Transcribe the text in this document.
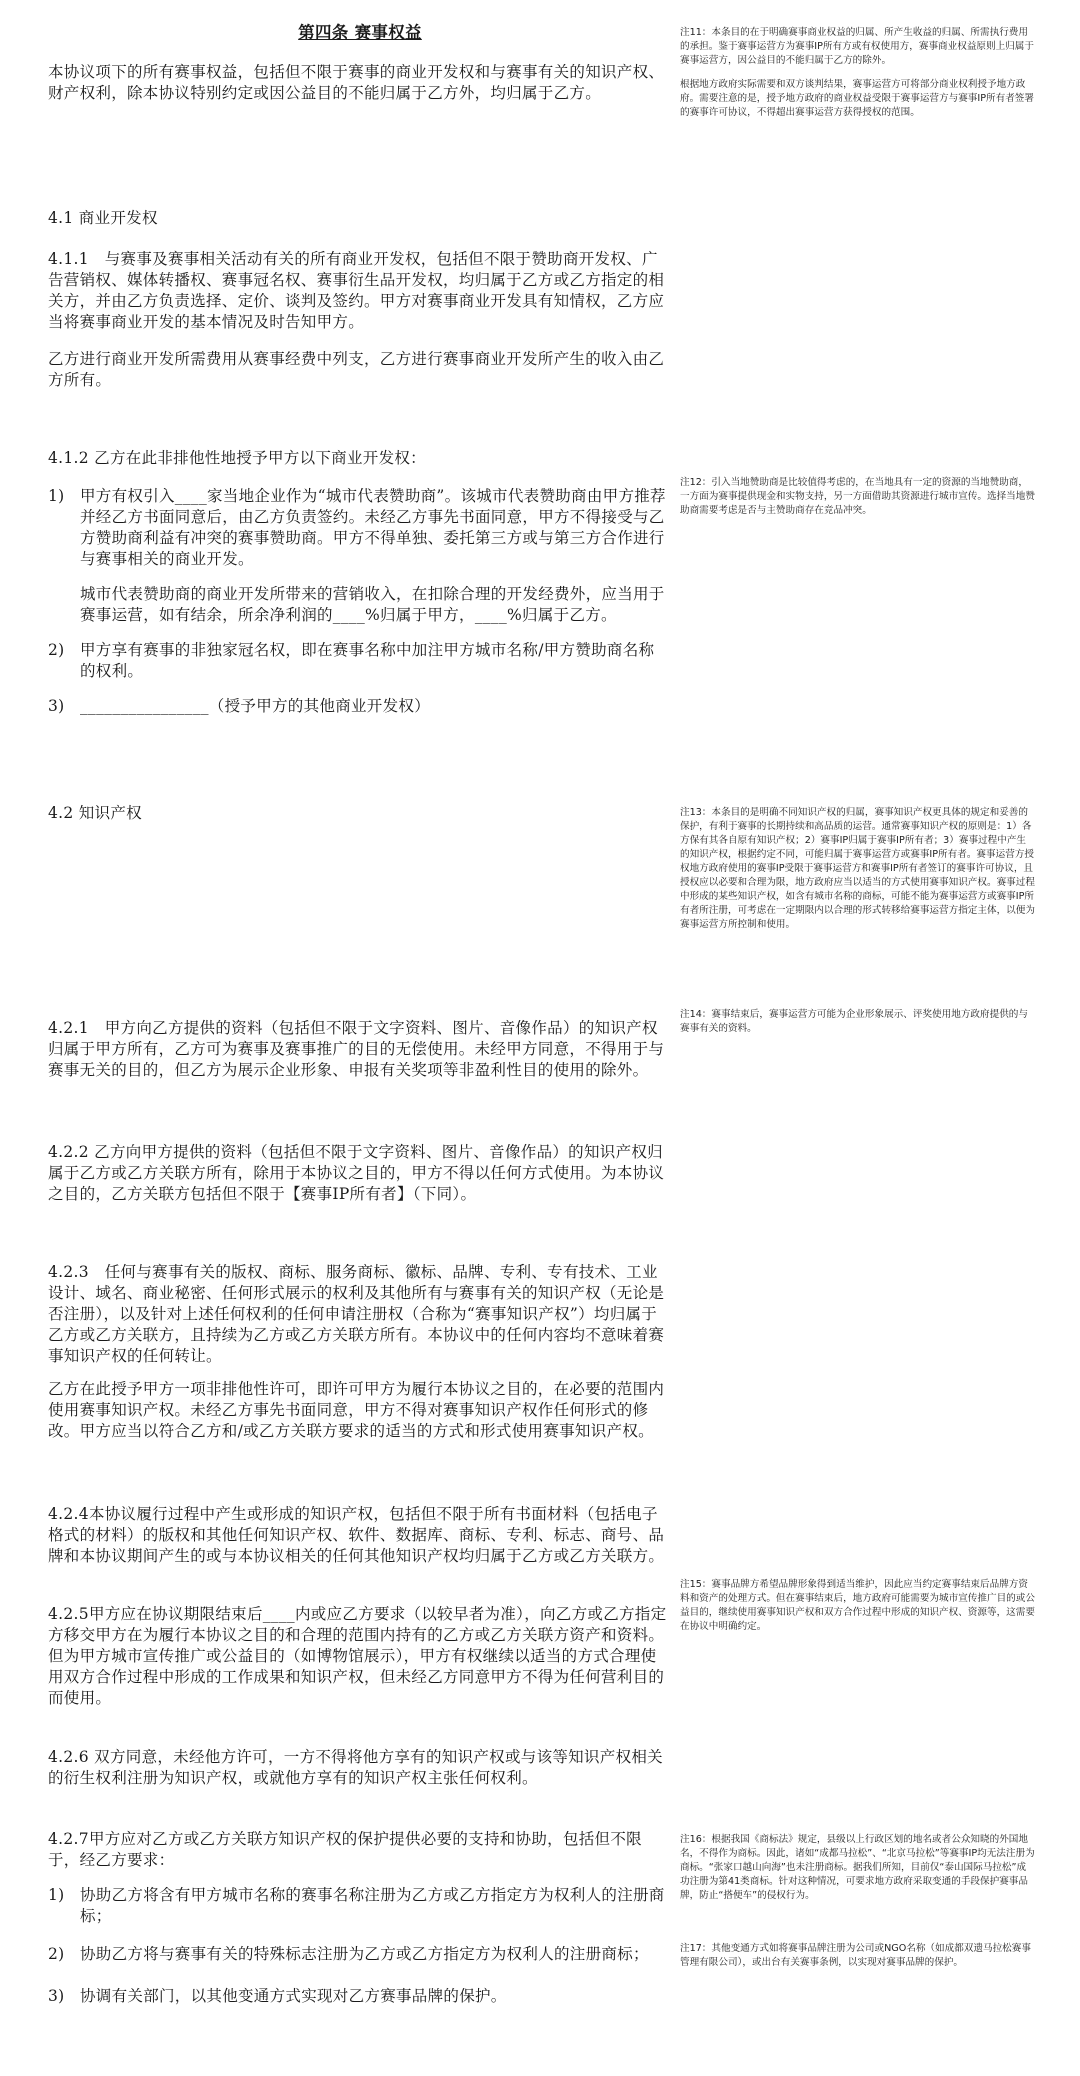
第四条 赛事权益
本协议项下的所有赛事权益，包括但不限于赛事的商业开发权和与赛事有关的知识产权、财产权利，除本协议特别约定或因公益目的不能归属于乙方外，均归属于乙方。
4.1 商业开发权
4.1.1　与赛事及赛事相关活动有关的所有商业开发权，包括但不限于赞助商开发权、广告营销权、媒体转播权、赛事冠名权、赛事衍生品开发权，均归属于乙方或乙方指定的相关方，并由乙方负责选择、定价、谈判及签约。甲方对赛事商业开发具有知情权，乙方应当将赛事商业开发的基本情况及时告知甲方。
乙方进行商业开发所需费用从赛事经费中列支，乙方进行赛事商业开发所产生的收入由乙方所有。
4.1.2 乙方在此非排他性地授予甲方以下商业开发权：
1) 甲方有权引入____家当地企业作为“城市代表赞助商”。该城市代表赞助商由甲方推荐并经乙方书面同意后，由乙方负责签约。未经乙方事先书面同意，甲方不得接受与乙方赞助商利益有冲突的赛事赞助商。甲方不得单独、委托第三方或与第三方合作进行与赛事相关的商业开发。

城市代表赞助商的商业开发所带来的营销收入，在扣除合理的开发经费外，应当用于赛事运营，如有结余，所余净利润的____%归属于甲方，____%归属于乙方。

2) 甲方享有赛事的非独家冠名权，即在赛事名称中加注甲方城市名称/甲方赞助商名称的权利。

3) ________________（授予甲方的其他商业开发权）

4.2 知识产权
4.2.1　甲方向乙方提供的资料（包括但不限于文字资料、图片、音像作品）的知识产权归属于甲方所有，乙方可为赛事及赛事推广的目的无偿使用。未经甲方同意，不得用于与赛事无关的目的，但乙方为展示企业形象、申报有关奖项等非盈利性目的使用的除外。
4.2.2 乙方向甲方提供的资料（包括但不限于文字资料、图片、音像作品）的知识产权归属于乙方或乙方关联方所有，除用于本协议之目的，甲方不得以任何方式使用。为本协议之目的，乙方关联方包括但不限于【赛事IP所有者】（下同）。
4.2.3　任何与赛事有关的版权、商标、服务商标、徽标、品牌、专利、专有技术、工业设计、域名、商业秘密、任何形式展示的权利及其他所有与赛事有关的知识产权（无论是否注册），以及针对上述任何权利的任何申请注册权（合称为“赛事知识产权”）均归属于乙方或乙方关联方，且持续为乙方或乙方关联方所有。本协议中的任何内容均不意味着赛事知识产权的任何转让。
乙方在此授予甲方一项非排他性许可，即许可甲方为履行本协议之目的，在必要的范围内使用赛事知识产权。未经乙方事先书面同意，甲方不得对赛事知识产权作任何形式的修改。甲方应当以符合乙方和/或乙方关联方要求的适当的方式和形式使用赛事知识产权。
4.2.4本协议履行过程中产生或形成的知识产权，包括但不限于所有书面材料（包括电子格式的材料）的版权和其他任何知识产权、软件、数据库、商标、专利、标志、商号、品牌和本协议期间产生的或与本协议相关的任何其他知识产权均归属于乙方或乙方关联方。
4.2.5甲方应在协议期限结束后____内或应乙方要求（以较早者为准），向乙方或乙方指定方移交甲方在为履行本协议之目的和合理的范围内持有的乙方或乙方关联方资产和资料。但为甲方城市宣传推广或公益目的（如博物馆展示），甲方有权继续以适当的方式合理使用双方合作过程中形成的工作成果和知识产权，但未经乙方同意甲方不得为任何营利目的而使用。
4.2.6 双方同意，未经他方许可，一方不得将他方享有的知识产权或与该等知识产权相关的衍生权利注册为知识产权，或就他方享有的知识产权主张任何权利。
4.2.7甲方应对乙方或乙方关联方知识产权的保护提供必要的支持和协助，包括但不限于，经乙方要求：
1) 协助乙方将含有甲方城市名称的赛事名称注册为乙方或乙方指定方为权利人的注册商标；
2) 协助乙方将与赛事有关的特殊标志注册为乙方或乙方指定方为权利人的注册商标；
3) 协调有关部门，以其他变通方式实现对乙方赛事品牌的保护。

注11：本条目的在于明确赛事商业权益的归属、所产生收益的归属、所需执行费用的承担。鉴于赛事运营方为赛事IP所有方或有权使用方，赛事商业权益原则上归属于赛事运营方，因公益目的不能归属于乙方的除外。

根据地方政府实际需要和双方谈判结果，赛事运营方可将部分商业权利授予地方政府。需要注意的是，授予地方政府的商业权益受限于赛事运营方与赛事IP所有者签署的赛事许可协议，不得超出赛事运营方获得授权的范围。

注12：引入当地赞助商是比较值得考虑的，在当地具有一定的资源的当地赞助商，一方面为赛事提供现金和实物支持，另一方面借助其资源进行城市宣传。选择当地赞助商需要考虑是否与主赞助商存在竞品冲突。

注13：本条目的是明确不同知识产权的归属，赛事知识产权更具体的规定和妥善的保护，有利于赛事的长期持续和高品质的运营。通常赛事知识产权的原则是：1）各方保有其各自原有知识产权；2）赛事IP归属于赛事IP所有者；3）赛事过程中产生的知识产权，根据约定不同，可能归属于赛事运营方或赛事IP所有者。赛事运营方授权地方政府使用的赛事IP受限于赛事运营方和赛事IP所有者签订的赛事许可协议，且授权应以必要和合理为限，地方政府应当以适当的方式使用赛事知识产权。赛事过程中形成的某些知识产权，如含有城市名称的商标，可能不能为赛事运营方或赛事IP所有者所注册，可考虑在一定期限内以合理的形式转移给赛事运营方指定主体，以便为赛事运营方所控制和使用。

注14：赛事结束后，赛事运营方可能为企业形象展示、评奖使用地方政府提供的与赛事有关的资料。

注15：赛事品牌方希望品牌形象得到适当维护，因此应当约定赛事结束后品牌方资料和资产的处理方式。但在赛事结束后，地方政府可能需要为城市宣传推广目的或公益目的，继续使用赛事知识产权和双方合作过程中形成的知识产权、资源等，这需要在协议中明确约定。

注16：根据我国《商标法》规定，县级以上行政区划的地名或者公众知晓的外国地名，不得作为商标。因此，诸如“成都马拉松”、“北京马拉松”等赛事IP均无法注册为商标。“张家口越山向海”也未注册商标。据我们所知，目前仅“泰山国际马拉松”成功注册为第41类商标。针对这种情况，可要求地方政府采取变通的手段保护赛事品牌，防止“搭便车”的侵权行为。

注17：其他变通方式如将赛事品牌注册为公司或NGO名称（如成都双遗马拉松赛事管理有限公司），或出台有关赛事条例，以实现对赛事品牌的保护。
